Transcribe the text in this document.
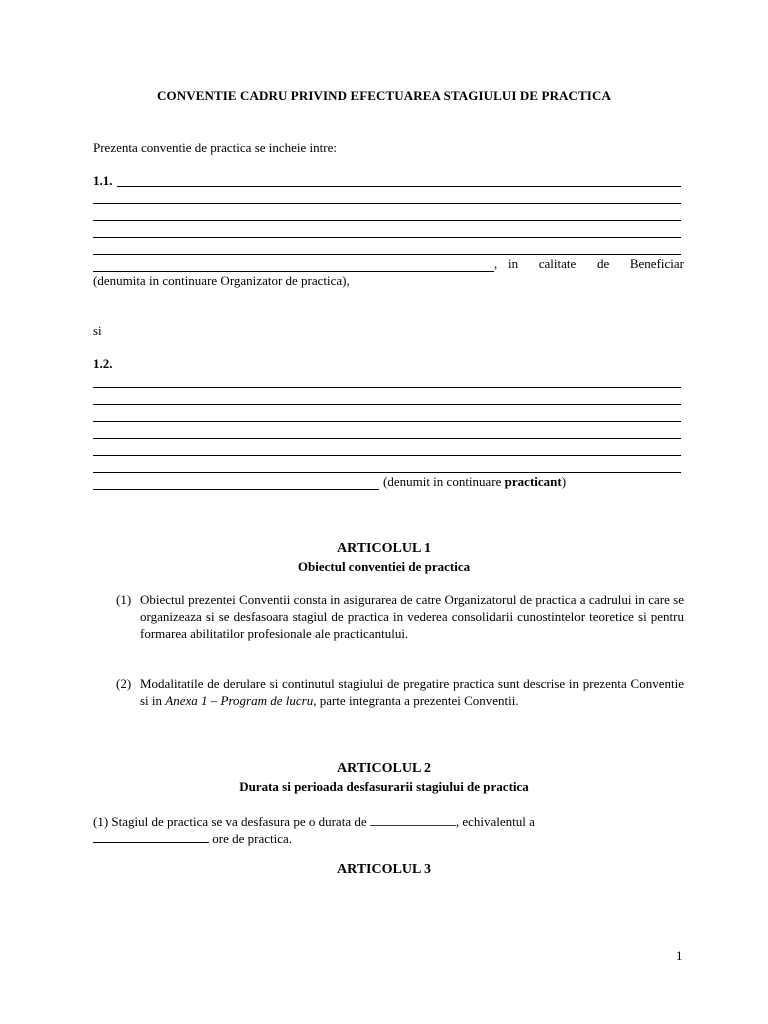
CONVENTIE CADRU PRIVIND EFECTUAREA STAGIULUI DE PRACTICA
Prezenta conventie de practica se incheie intre:
1.1.
, in calitate de Beneficiar
(denumita in continuare Organizator de practica),
si
1.2.
(denumit in continuare practicant)
ARTICOLUL 1
Obiectul conventiei de practica
(1) Obiectul prezentei Conventii consta in asigurarea de catre Organizatorul de practica a cadrului in care se organizeaza si se desfasoara stagiul de practica in vederea consolidarii cunostintelor teoretice si pentru formarea abilitatilor profesionale ale practicantului.
(2) Modalitatile de derulare si continutul stagiului de pregatire practica sunt descrise in prezenta Conventie si in Anexa 1 – Program de lucru, parte integranta a prezentei Conventii.
ARTICOLUL 2
Durata si perioada desfasurarii stagiului de practica
(1) Stagiul de practica se va desfasura pe o durata de	, echivalentul a
ore de practica.
ARTICOLUL 3
1
